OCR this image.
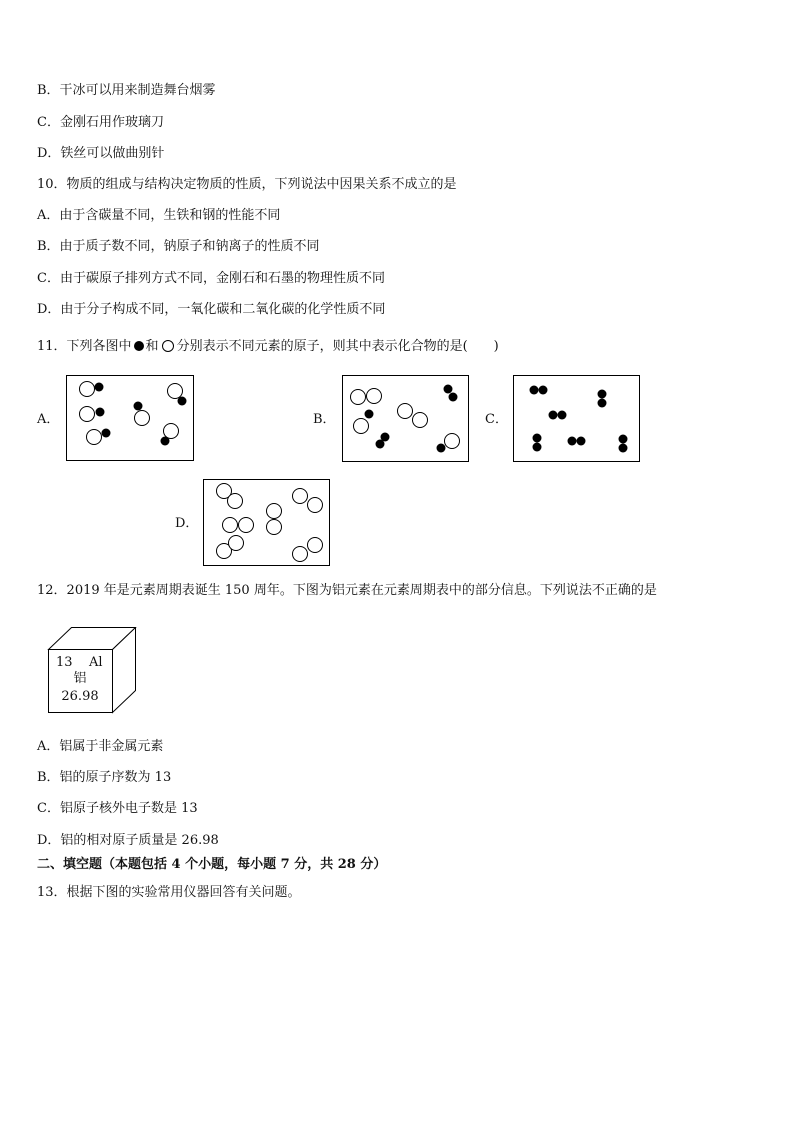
B．干冰可以用来制造舞台烟雾
C．金刚石用作玻璃刀
D．铁丝可以做曲别针
10．物质的组成与结构决定物质的性质，下列说法中因果关系不成立的是
A．由于含碳量不同，生铁和钢的性能不同
B．由于质子数不同，钠原子和钠离子的性质不同
C．由于碳原子排列方式不同，金刚石和石墨的物理性质不同
D．由于分子构成不同，一氧化碳和二氧化碳的化学性质不同
11．下列各图中 和 分别表示不同元素的原子，则其中表示化合物的是(　　)
A．	B．	C．
D．
12．2019 年是元素周期表诞生 150 周年。下图为铝元素在元素周期表中的部分信息。下列说法不正确的是
13 Al
铝
26.98
A．铝属于非金属元素
B．铝的原子序数为 13
C．铝原子核外电子数是 13
D．铝的相对原子质量是 26.98
二、填空题（本题包括 4 个小题，每小题 7 分，共 28 分）
13．根据下图的实验常用仪器回答有关问题。
